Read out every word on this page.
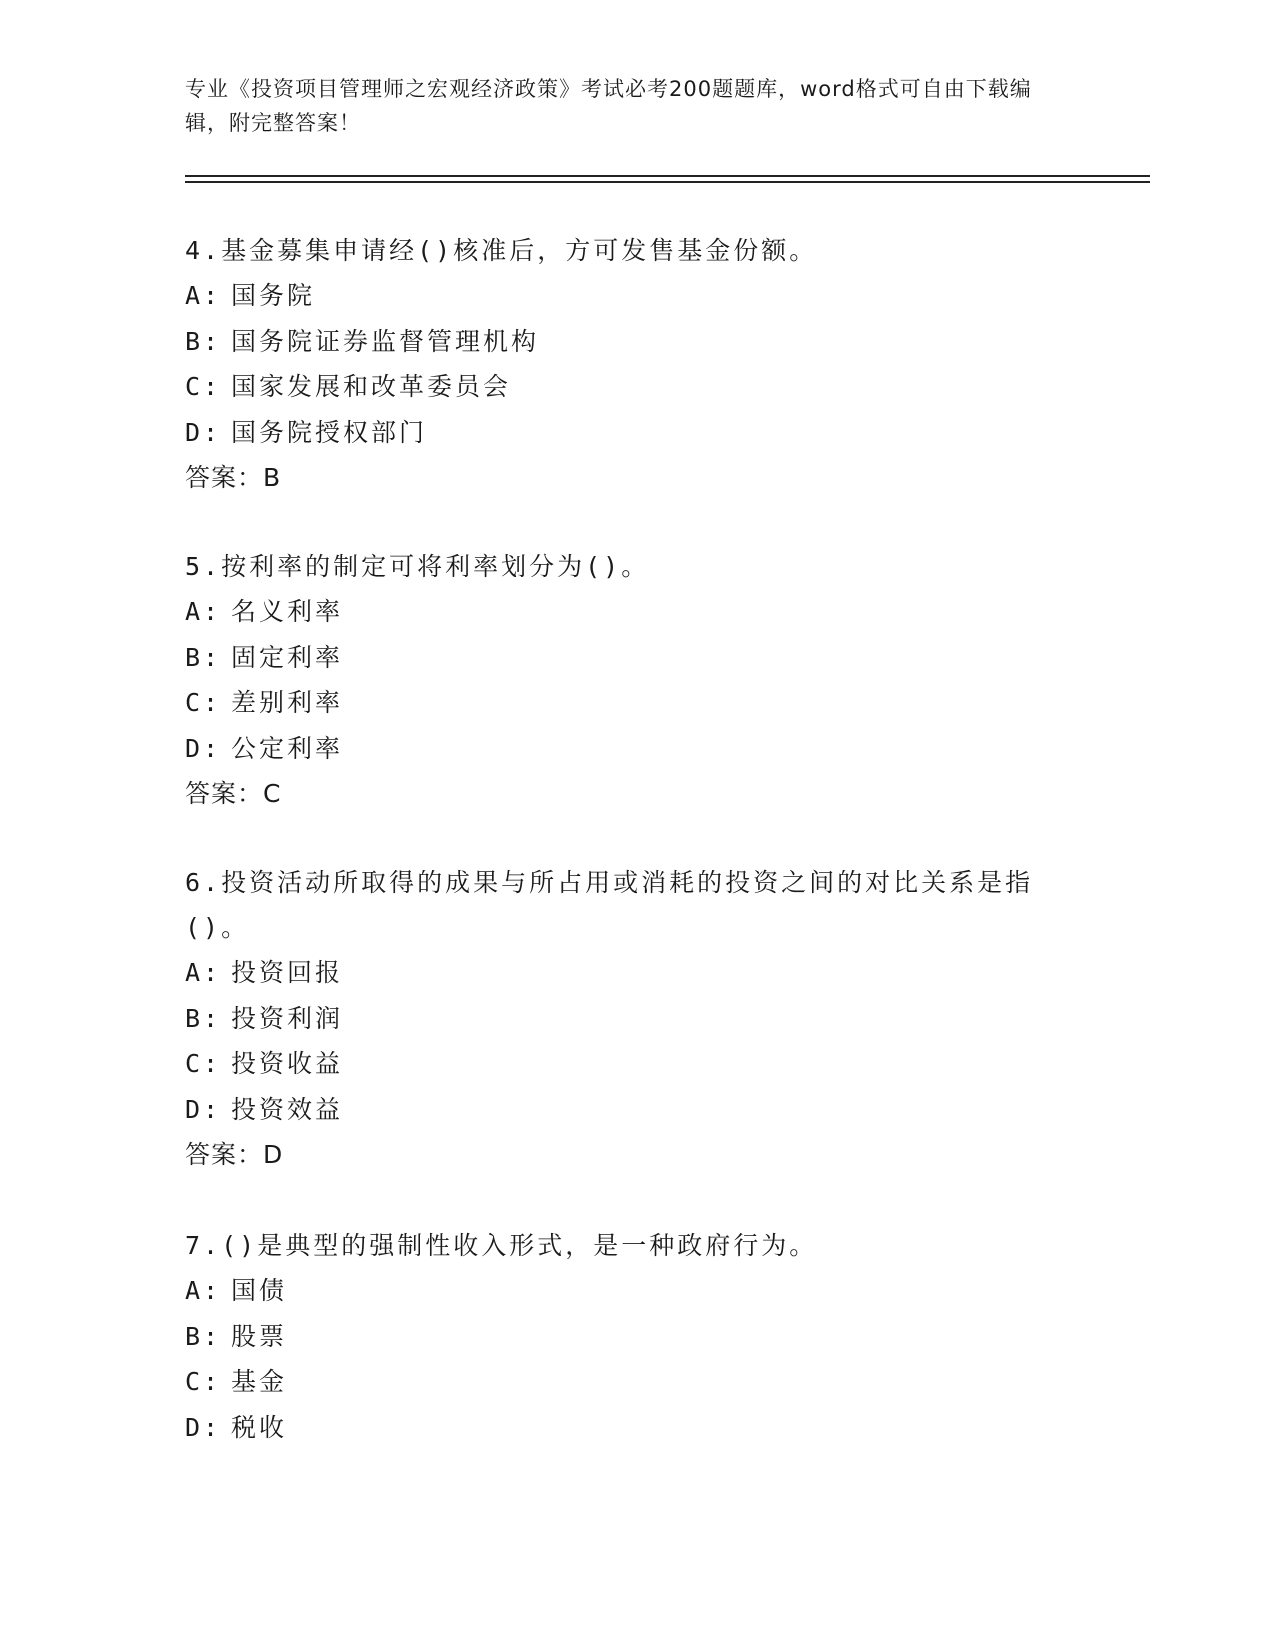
专业《投资项目管理师之宏观经济政策》考试必考200题题库，word格式可自由下载编辑，附完整答案！

4.基金募集申请经()核准后，方可发售基金份额。

A: 国务院

B: 国务院证券监督管理机构

C: 国家发展和改革委员会

D: 国务院授权部门

答案：B

5.按利率的制定可将利率划分为()。

A: 名义利率

B: 固定利率

C: 差别利率

D: 公定利率

答案：C

6.投资活动所取得的成果与所占用或消耗的投资之间的对比关系是指()。

A: 投资回报

B: 投资利润

C: 投资收益

D: 投资效益

答案：D

7.()是典型的强制性收入形式，是一种政府行为。

A: 国债

B: 股票

C: 基金

D: 税收
